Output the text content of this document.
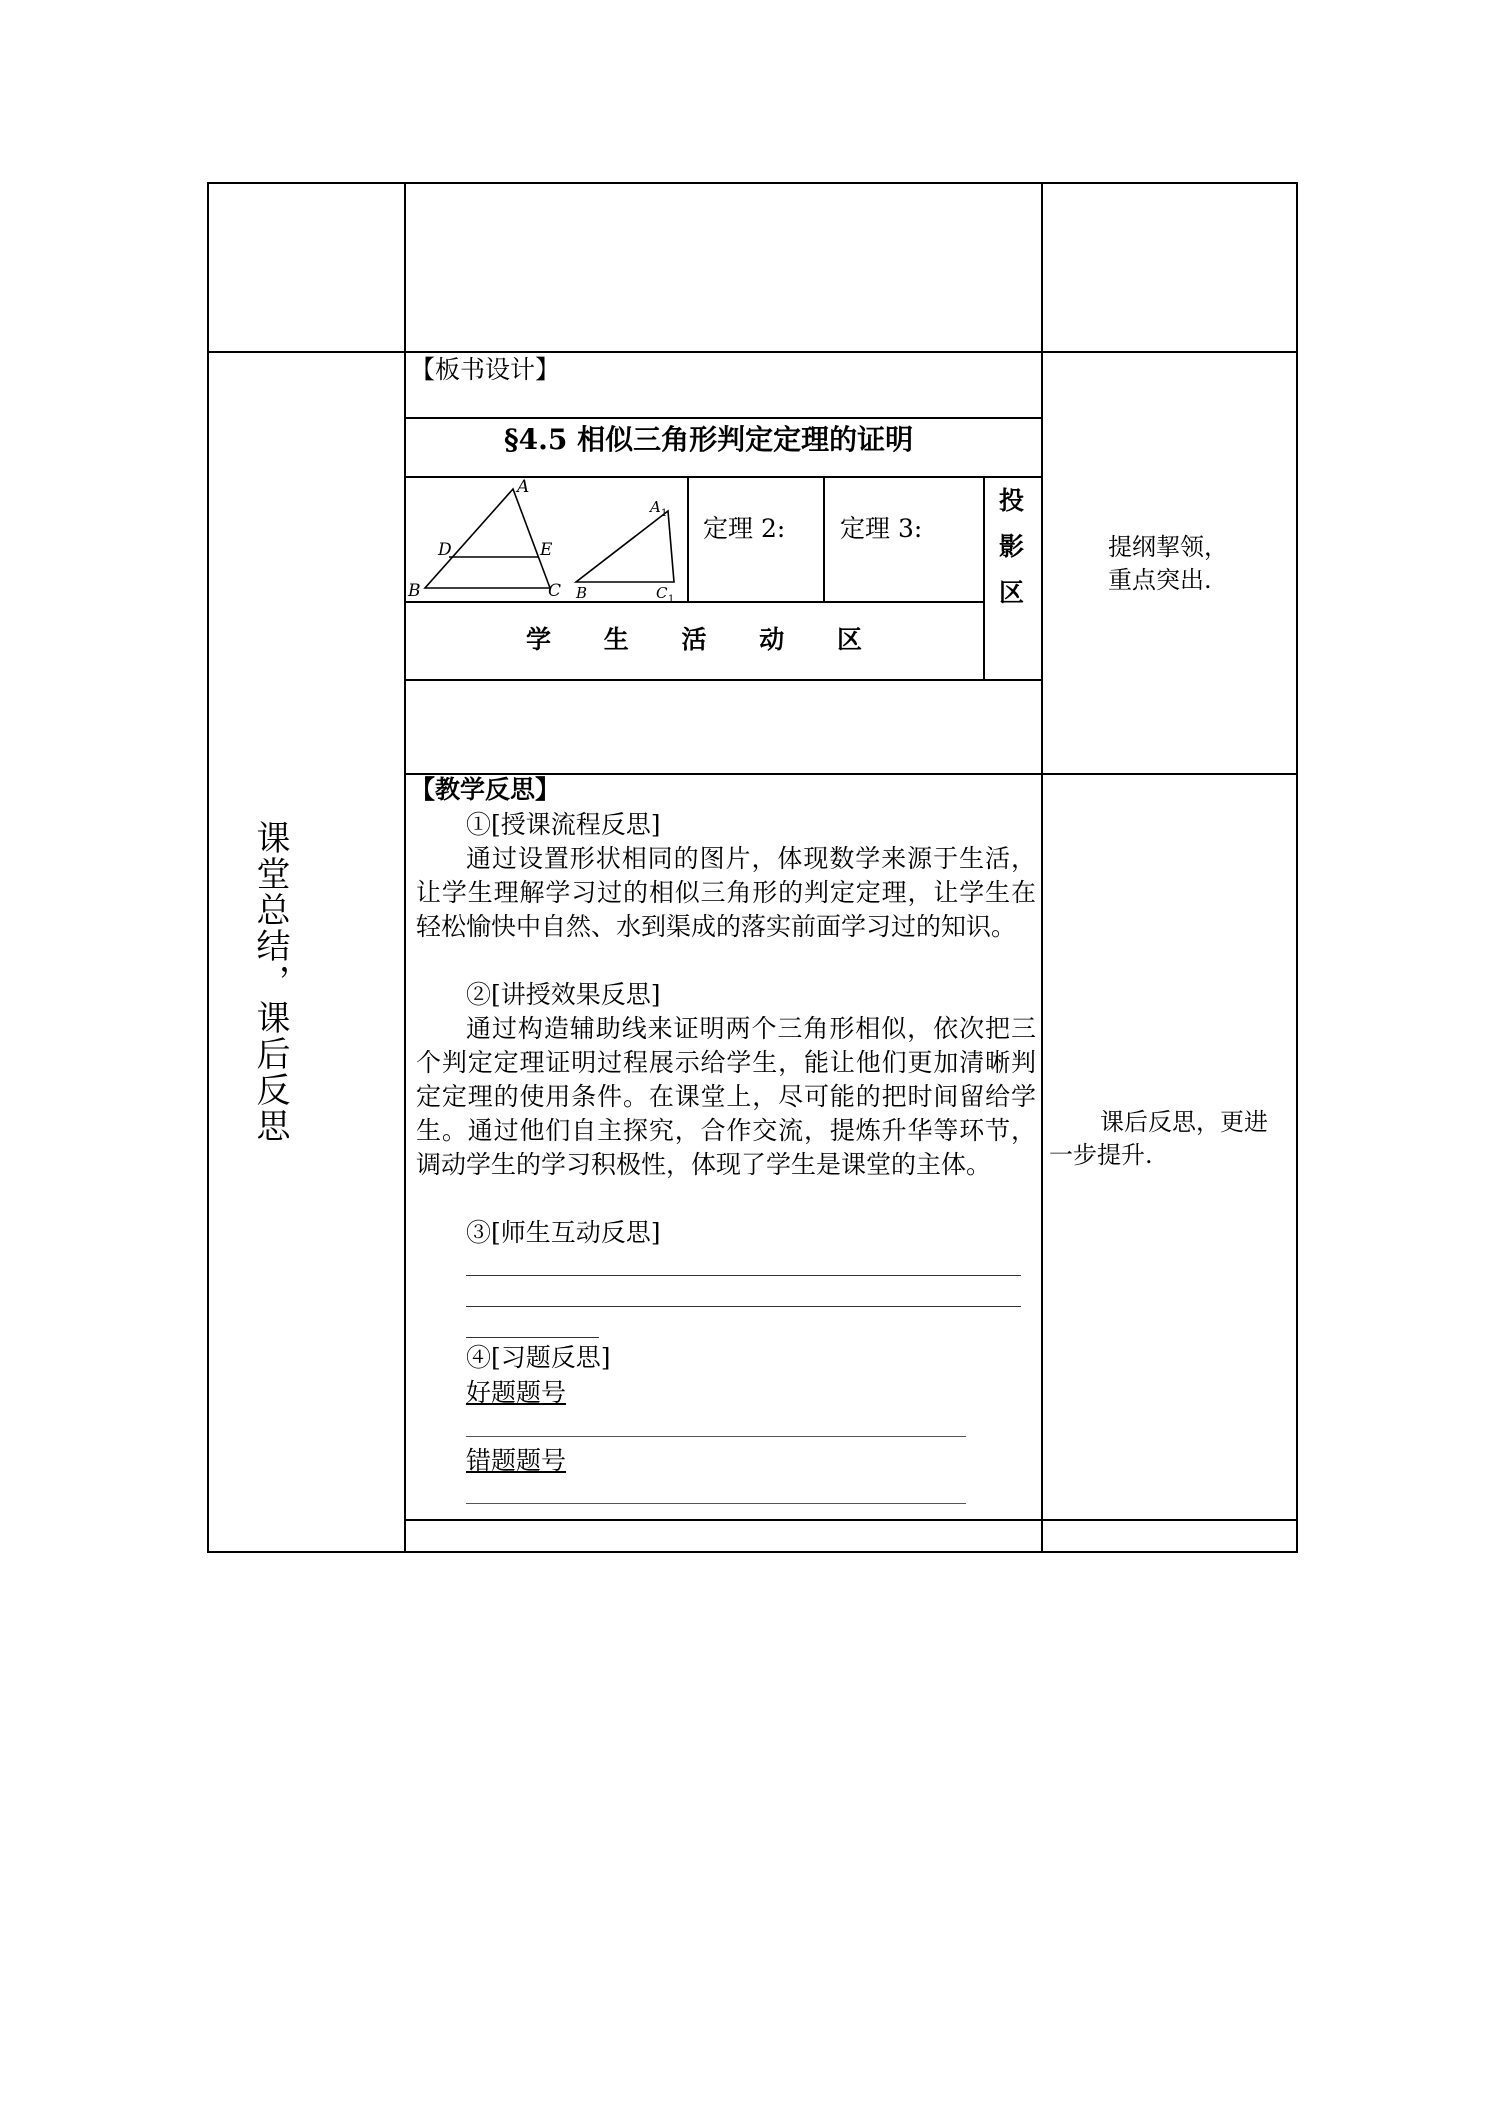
课堂总结，课后反思
【板书设计】
§4.5 相似三角形判定定理的证明
A
D	E
B	C
A 1
B	C 1
定理 2: 定理 3:
投影区
学 生 活 动 区
提纲挈领，
重点突出.
【教学反思】
①[授课流程反思]
通过设置形状相同的图片，体现数学来源于生活，让学生理解学习过的相似三角形的判定定理，让学生在轻松愉快中自然、水到渠成的落实前面学习过的知识。
②[讲授效果反思]
通过构造辅助线来证明两个三角形相似，依次把三个判定定理证明过程展示给学生，能让他们更加清晰判定定理的使用条件。在课堂上，尽可能的把时间留给学生。通过他们自主探究，合作交流，提炼升华等环节，调动学生的学习积极性，体现了学生是课堂的主体。
③[师生互动反思]
④[习题反思]
好题题号
错题题号
课后反思，更进
一步提升.
